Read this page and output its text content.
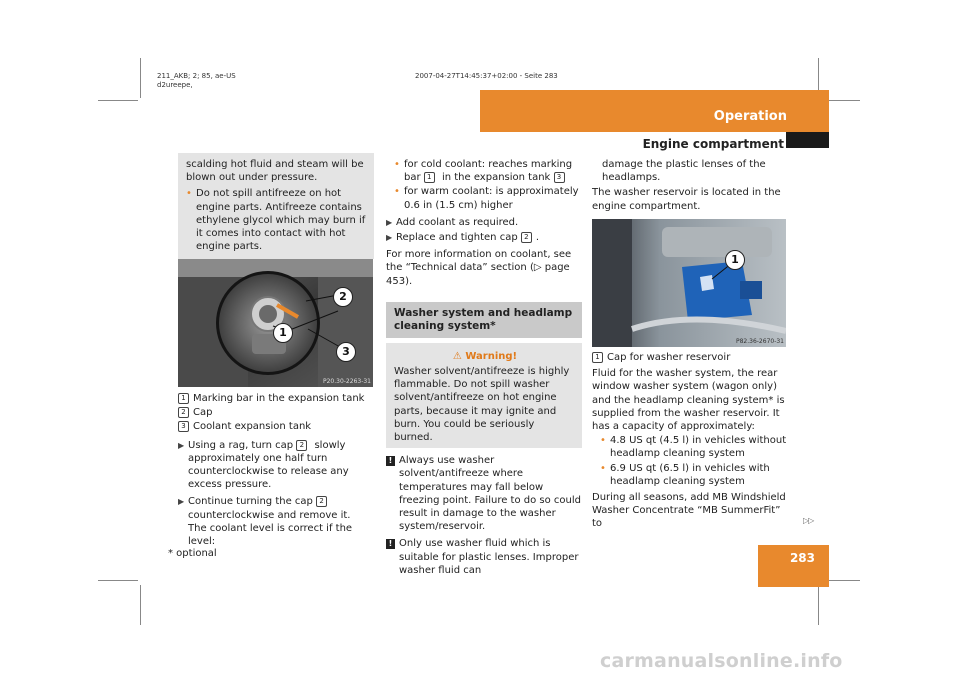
211_AKB; 2; 85, ae-US
d2ureepe,
2007-04-27T14:45:37+02:00 - Seite 283
Operation
Engine compartment
283
▷▷

scalding hot fluid and steam will be blown out under pressure.

• Do not spill antifreeze on hot engine parts. Antifreeze contains ethylene glycol which may burn if it comes into contact with hot engine parts.
2
1
3
P20.30-2263-31
1 Marking bar in the expansion tank
2 Cap
3 Coolant expansion tank
▶ Using a rag, turn cap 2 slowly approximately one half turn counterclockwise to release any excess pressure.
▶ Continue turning the cap 2 counterclockwise and remove it.
The coolant level is correct if the level:
* optional
• for cold coolant: reaches marking bar 1 in the expansion tank 3
• for warm coolant: is approximately 0.6 in (1.5 cm) higher
▶ Add coolant as required.
▶ Replace and tighten cap 2 .

For more information on coolant, see the “Technical data” section (▷ page 453).

Washer system and headlamp cleaning system*
⚠ Warning!

Washer solvent/antifreeze is highly flammable. Do not spill washer solvent/antifreeze on hot engine parts, because it may ignite and burn. You could be seriously burned.

! Always use washer solvent/antifreeze where temperatures may fall below freezing point. Failure to do so could result in damage to the washer system/reservoir.
! Only use washer fluid which is suitable for plastic lenses. Improper washer fluid can

damage the plastic lenses of the headlamps.

The washer reservoir is located in the engine compartment.

1
P82.36-2670-31
1 Cap for washer reservoir

Fluid for the washer system, the rear window washer system (wagon only) and the headlamp cleaning system* is supplied from the washer reservoir. It has a capacity of approximately:

• 4.8 US qt (4.5 l) in vehicles without headlamp cleaning system
• 6.9 US qt (6.5 l) in vehicles with headlamp cleaning system

During all seasons, add MB Windshield Washer Concentrate “MB SummerFit” to

carmanualsonline.info
